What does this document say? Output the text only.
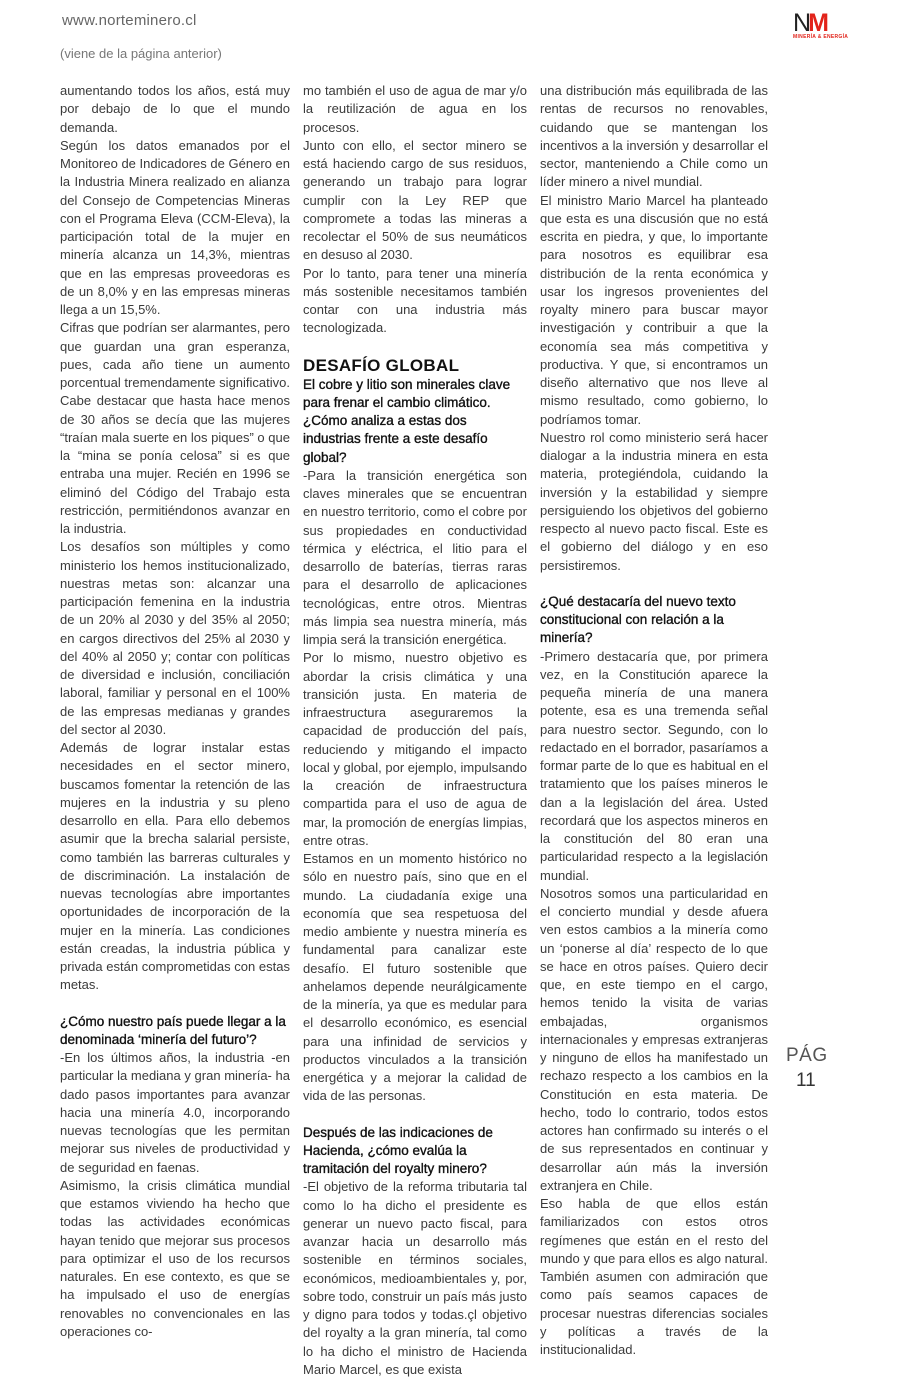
www.norteminero.cl
(viene de la página anterior)
NM
MINERÍA & ENERGÍA

aumentando todos los años, está muy por debajo de lo que el mundo demanda.

Según los datos emanados por el Monitoreo de Indicadores de Género en la Industria Minera realizado en alianza del Consejo de Competencias Mineras con el Programa Eleva (CCM-Eleva), la participación total de la mujer en minería alcanza un 14,3%, mientras que en las empresas proveedoras es de un 8,0% y en las empresas mineras llega a un 15,5%.

Cifras que podrían ser alarmantes, pero que guardan una gran esperanza, pues, cada año tiene un aumento porcentual tremendamente significativo. Cabe destacar que hasta hace menos de 30 años se decía que las mujeres “traían mala suerte en los piques” o que la “mina se ponía celosa” si es que entraba una mujer. Recién en 1996 se eliminó del Código del Trabajo esta restricción, permitiéndonos avanzar en la industria.

Los desafíos son múltiples y como ministerio los hemos institucionalizado, nuestras metas son: alcanzar una participación femenina en la industria de un 20% al 2030 y del 35% al 2050; en cargos directivos del 25% al 2030 y del 40% al 2050 y; contar con políticas de diversidad e inclusión, conciliación laboral, familiar y personal en el 100% de las empresas medianas y grandes del sector al 2030.

Además de lograr instalar estas necesidades en el sector minero, buscamos fomentar la retención de las mujeres en la industria y su pleno desarrollo en ella. Para ello debemos asumir que la brecha salarial persiste, como también las barreras culturales y de discriminación. La instalación de nuevas tecnologías abre importantes oportunidades de incorporación de la mujer en la minería. Las condiciones están creadas, la industria pública y privada están comprometidas con estas metas.

¿Cómo nuestro país puede llegar a la denominada ‘minería del futuro’?

-En los últimos años, la industria -en particular la mediana y gran minería- ha dado pasos importantes para avanzar hacia una minería 4.0, incorporando nuevas tecnologías que les permitan mejorar sus niveles de productividad y de seguridad en faenas.

Asimismo, la crisis climática mundial que estamos viviendo ha hecho que todas las actividades económicas hayan tenido que mejorar sus procesos para optimizar el uso de los recursos naturales. En ese contexto, es que se ha impulsado el uso de energías renovables no convencionales en las operaciones co-

mo también el uso de agua de mar y/o la reutilización de agua en los procesos.

Junto con ello, el sector minero se está haciendo cargo de sus residuos, generando un trabajo para lograr cumplir con la Ley REP que compromete a todas las mineras a recolectar el 50% de sus neumáticos en desuso al 2030.

Por lo tanto, para tener una minería más sostenible necesitamos también contar con una industria más tecnologizada.

DESAFÍO GLOBAL

El cobre y litio son minerales clave para frenar el cambio climático. ¿Cómo analiza a estas dos industrias frente a este desafío global?

-Para la transición energética son claves minerales que se encuentran en nuestro territorio, como el cobre por sus propiedades en conductividad térmica y eléctrica, el litio para el desarrollo de baterías, tierras raras para el desarrollo de aplicaciones tecnológicas, entre otros. Mientras más limpia sea nuestra minería, más limpia será la transición energética.

Por lo mismo, nuestro objetivo es abordar la crisis climática y una transición justa. En materia de infraestructura aseguraremos la capacidad de producción del país, reduciendo y mitigando el impacto local y global, por ejemplo, impulsando la creación de infraestructura compartida para el uso de agua de mar, la promoción de energías limpias, entre otras.

Estamos en un momento histórico no sólo en nuestro país, sino que en el mundo. La ciudadanía exige una economía que sea respetuosa del medio ambiente y nuestra minería es fundamental para canalizar este desafío. El futuro sostenible que anhelamos depende neurálgicamente de la minería, ya que es medular para el desarrollo económico, es esencial para una infinidad de servicios y productos vinculados a la transición energética y a mejorar la calidad de vida de las personas.

Después de las indicaciones de Hacienda, ¿cómo evalúa la tramitación del royalty minero?

-El objetivo de la reforma tributaria tal como lo ha dicho el presidente es generar un nuevo pacto fiscal, para avanzar hacia un desarrollo más sostenible en términos sociales, económicos, medioambientales y, por, sobre todo, construir un país más justo y digno para todos y todas.çl objetivo del royalty a la gran minería, tal como lo ha dicho el ministro de Hacienda Mario Marcel, es que exista

una distribución más equilibrada de las rentas de recursos no renovables, cuidando que se mantengan los incentivos a la inversión y desarrollar el sector, manteniendo a Chile como un líder minero a nivel mundial.

El ministro Mario Marcel ha planteado que esta es una discusión que no está escrita en piedra, y que, lo importante para nosotros es equilibrar esa distribución de la renta económica y usar los ingresos provenientes del royalty minero para buscar mayor investigación y contribuir a que la economía sea más competitiva y productiva. Y que, si encontramos un diseño alternativo que nos lleve al mismo resultado, como gobierno, lo podríamos tomar.

Nuestro rol como ministerio será hacer dialogar a la industria minera en esta materia, protegiéndola, cuidando la inversión y la estabilidad y siempre persiguiendo los objetivos del gobierno respecto al nuevo pacto fiscal. Este es el gobierno del diálogo y en eso persistiremos.

¿Qué destacaría del nuevo texto constitucional con relación a la minería?

-Primero destacaría que, por primera vez, en la Constitución aparece la pequeña minería de una manera potente, esa es una tremenda señal para nuestro sector. Segundo, con lo redactado en el borrador, pasaríamos a formar parte de lo que es habitual en el tratamiento que los países mineros le dan a la legislación del área. Usted recordará que los aspectos mineros en la constitución del 80 eran una particularidad respecto a la legislación mundial.

Nosotros somos una particularidad en el concierto mundial y desde afuera ven estos cambios a la minería como un ‘ponerse al día’ respecto de lo que se hace en otros países. Quiero decir que, en este tiempo en el cargo, hemos tenido la visita de varias embajadas, organismos internacionales y empresas extranjeras y ninguno de ellos ha manifestado un rechazo respecto a los cambios en la Constitución en esta materia. De hecho, todo lo contrario, todos estos actores han confirmado su interés o el de sus representados en continuar y desarrollar aún más la inversión extranjera en Chile.

Eso habla de que ellos están familiarizados con estos otros regímenes que están en el resto del mundo y que para ellos es algo natural. También asumen con admiración que como país seamos capaces de procesar nuestras diferencias sociales y políticas a través de la institucionalidad.

PÁG
11
